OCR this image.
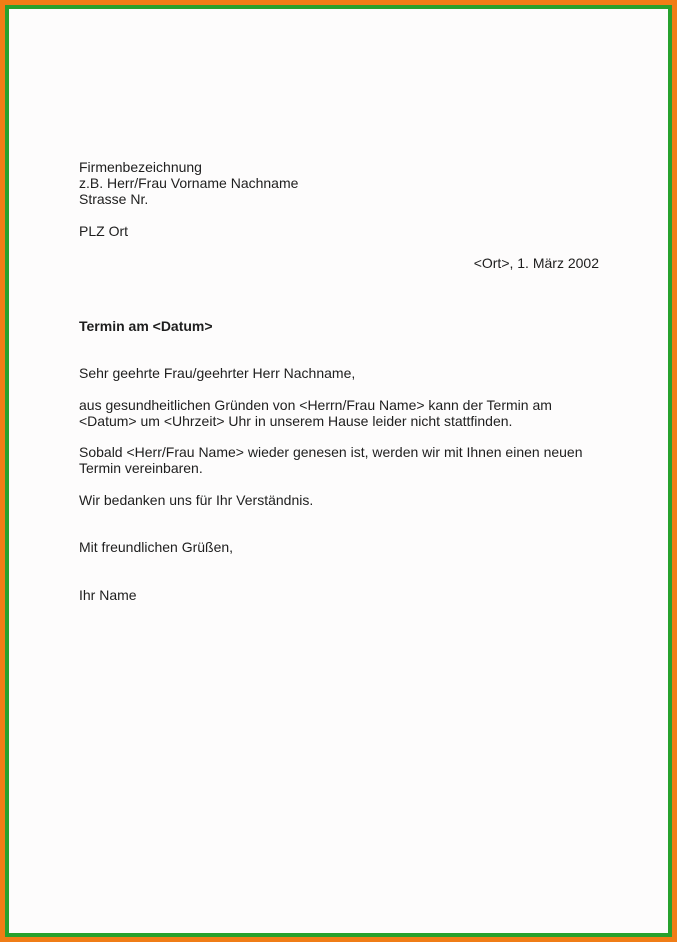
Firmenbezeichnung
z.B. Herr/Frau Vorname Nachname
Strasse Nr.
PLZ Ort
<Ort>, 1. März 2002
Termin am <Datum>
Sehr geehrte Frau/geehrter Herr Nachname,
aus gesundheitlichen Gründen von <Herrn/Frau Name> kann der Termin am
<Datum> um <Uhrzeit> Uhr in unserem Hause leider nicht stattfinden.
Sobald <Herr/Frau Name> wieder genesen ist, werden wir mit Ihnen einen neuen
Termin vereinbaren.
Wir bedanken uns für Ihr Verständnis.
Mit freundlichen Grüßen,
Ihr Name
